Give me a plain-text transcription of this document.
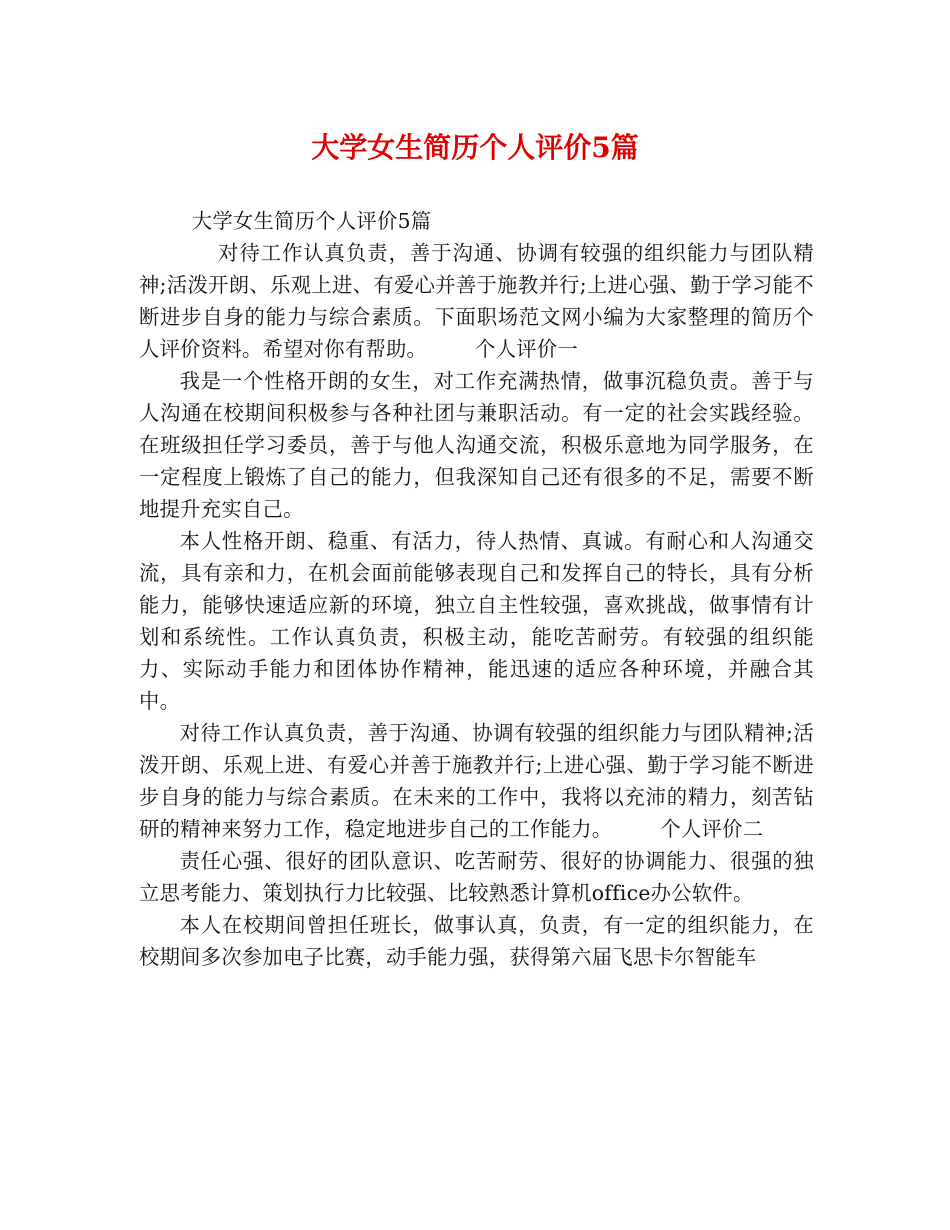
大学女生简历个人评价5篇

大学女生简历个人评价5篇

对待工作认真负责，善于沟通、协调有较强的组织能力与团队精神;活泼开朗、乐观上进、有爱心并善于施教并行;上进心强、勤于学习能不断进步自身的能力与综合素质。下面职场范文网小编为大家整理的简历个人评价资料。希望对你有帮助。 个人评价一

我是一个性格开朗的女生，对工作充满热情，做事沉稳负责。善于与人沟通在校期间积极参与各种社团与兼职活动。有一定的社会实践经验。在班级担任学习委员，善于与他人沟通交流，积极乐意地为同学服务，在一定程度上锻炼了自己的能力，但我深知自己还有很多的不足，需要不断地提升充实自己。

本人性格开朗、稳重、有活力，待人热情、真诚。有耐心和人沟通交流，具有亲和力，在机会面前能够表现自己和发挥自己的特长，具有分析能力，能够快速适应新的环境，独立自主性较强，喜欢挑战，做事情有计划和系统性。工作认真负责，积极主动，能吃苦耐劳。有较强的组织能力、实际动手能力和团体协作精神，能迅速的适应各种环境，并融合其中。

对待工作认真负责，善于沟通、协调有较强的组织能力与团队精神;活泼开朗、乐观上进、有爱心并善于施教并行;上进心强、勤于学习能不断进步自身的能力与综合素质。在未来的工作中，我将以充沛的精力，刻苦钻研的精神来努力工作，稳定地进步自己的工作能力。 个人评价二

责任心强、很好的团队意识、吃苦耐劳、很好的协调能力、很强的独立思考能力、策划执行力比较强、比较熟悉计算机office办公软件。

本人在校期间曾担任班长，做事认真，负责，有一定的组织能力，在校期间多次参加电子比赛，动手能力强，获得第六届飞思卡尔智能车
